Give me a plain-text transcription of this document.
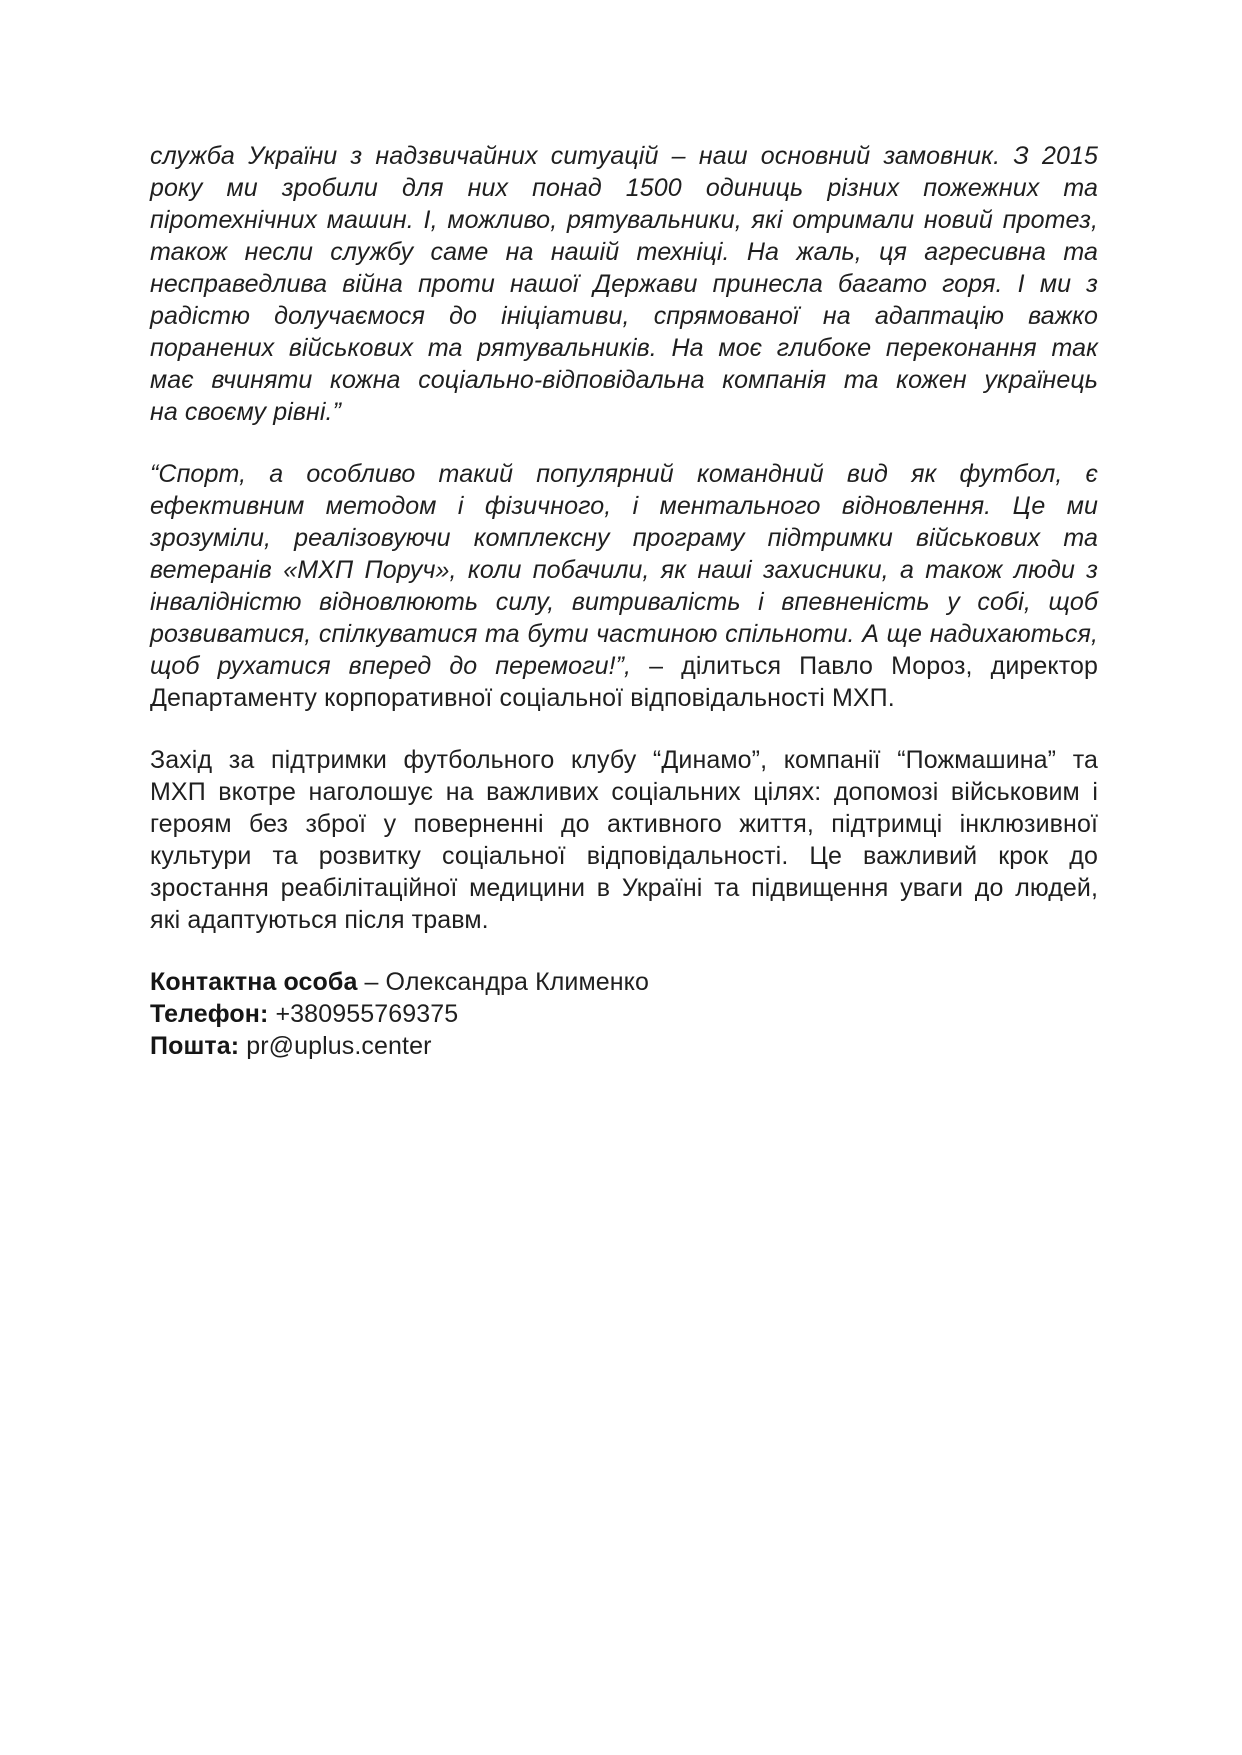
служба України з надзвичайних ситуацій – наш основний замовник. З 2015
року ми зробили для них понад 1500 одиниць різних пожежних та
піротехнічних машин. І, можливо, рятувальники, які отримали новий протез,
також несли службу саме на нашій техніці. На жаль, ця агресивна та
несправедлива війна проти нашої Держави принесла багато горя. І ми з
радістю долучаємося до ініціативи, спрямованої на адаптацію важко
поранених військових та рятувальників. На моє глибоке переконання так
має вчиняти кожна соціально-відповідальна компанія та кожен українець
на своєму рівні.”

“Спорт, а особливо такий популярний командний вид як футбол, є
ефективним методом і фізичного, і ментального відновлення. Це ми
зрозуміли, реалізовуючи комплексну програму підтримки військових та
ветеранів «МХП Поруч», коли побачили, як наші захисники, а також люди з
інвалідністю відновлюють силу, витривалість і впевненість у собі, щоб
розвиватися, спілкуватися та бути частиною спільноти. А ще надихаються,
щоб рухатися вперед до перемоги!”, – ділиться Павло Мороз, директор
Департаменту корпоративної соціальної відповідальності МХП.

Захід за підтримки футбольного клубу “Динамо”, компанії “Пожмашина” та
МХП вкотре наголошує на важливих соціальних цілях: допомозі військовим і
героям без зброї у поверненні до активного життя, підтримці інклюзивної
культури та розвитку соціальної відповідальності. Це важливий крок до
зростання реабілітаційної медицини в Україні та підвищення уваги до людей,
які адаптуються після травм.

Контактна особа – Олександра Клименко
Телефон: +380955769375
Пошта: pr@uplus.center
